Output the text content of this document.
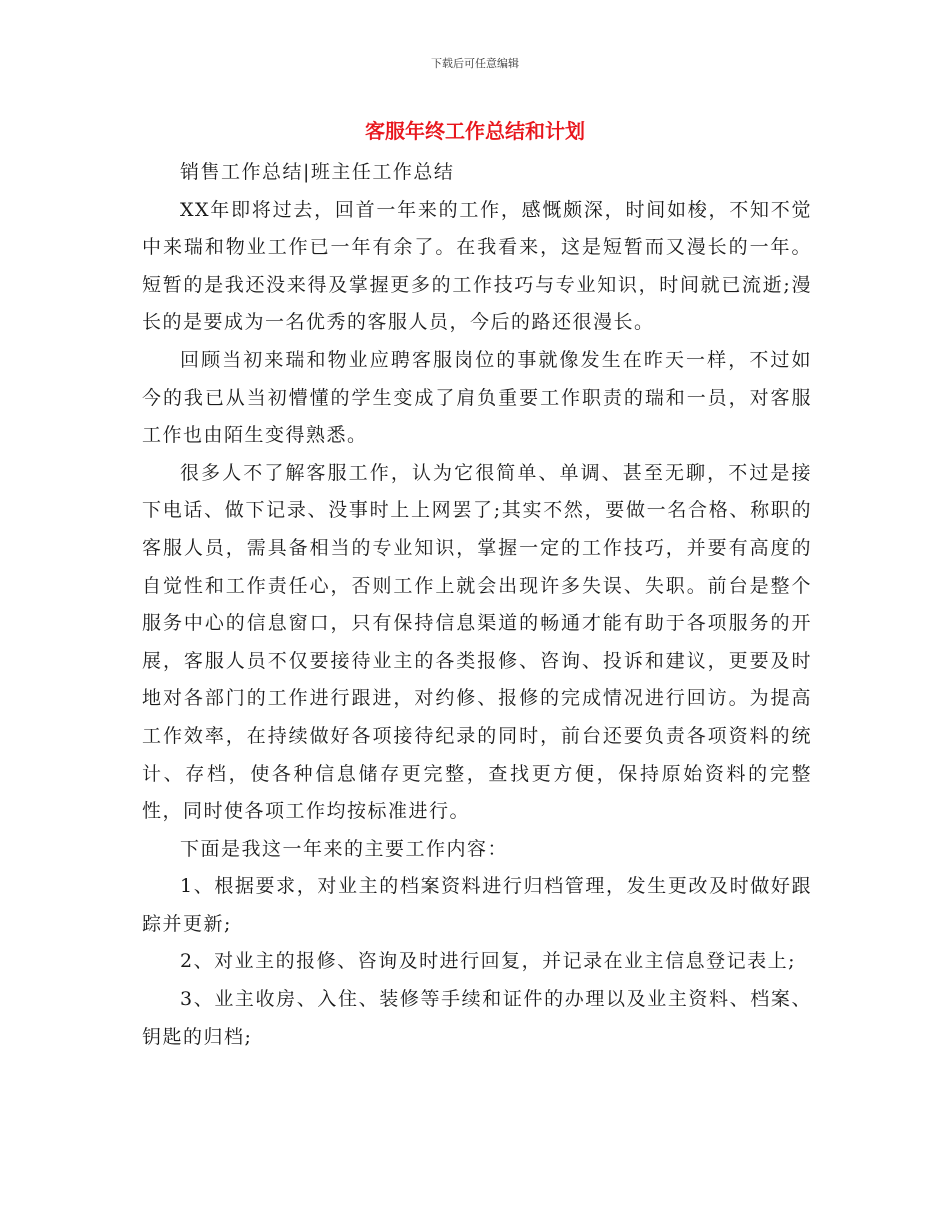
下载后可任意编辑
客服年终工作总结和计划

销售工作总结|班主任工作总结

XX年即将过去，回首一年来的工作，感慨颇深，时间如梭，不知不觉中来瑞和物业工作已一年有余了。在我看来，这是短暂而又漫长的一年。短暂的是我还没来得及掌握更多的工作技巧与专业知识，时间就已流逝;漫长的是要成为一名优秀的客服人员，今后的路还很漫长。

回顾当初来瑞和物业应聘客服岗位的事就像发生在昨天一样，不过如今的我已从当初懵懂的学生变成了肩负重要工作职责的瑞和一员，对客服工作也由陌生变得熟悉。

很多人不了解客服工作，认为它很简单、单调、甚至无聊，不过是接下电话、做下记录、没事时上上网罢了;其实不然，要做一名合格、称职的客服人员，需具备相当的专业知识，掌握一定的工作技巧，并要有高度的自觉性和工作责任心，否则工作上就会出现许多失误、失职。前台是整个服务中心的信息窗口，只有保持信息渠道的畅通才能有助于各项服务的开展，客服人员不仅要接待业主的各类报修、咨询、投诉和建议，更要及时地对各部门的工作进行跟进，对约修、报修的完成情况进行回访。为提高工作效率，在持续做好各项接待纪录的同时，前台还要负责各项资料的统计、存档，使各种信息储存更完整，查找更方便，保持原始资料的完整性，同时使各项工作均按标准进行。

下面是我这一年来的主要工作内容：

1、根据要求，对业主的档案资料进行归档管理，发生更改及时做好跟踪并更新;

2、对业主的报修、咨询及时进行回复，并记录在业主信息登记表上;

3、业主收房、入住、装修等手续和证件的办理以及业主资料、档案、钥匙的归档;
